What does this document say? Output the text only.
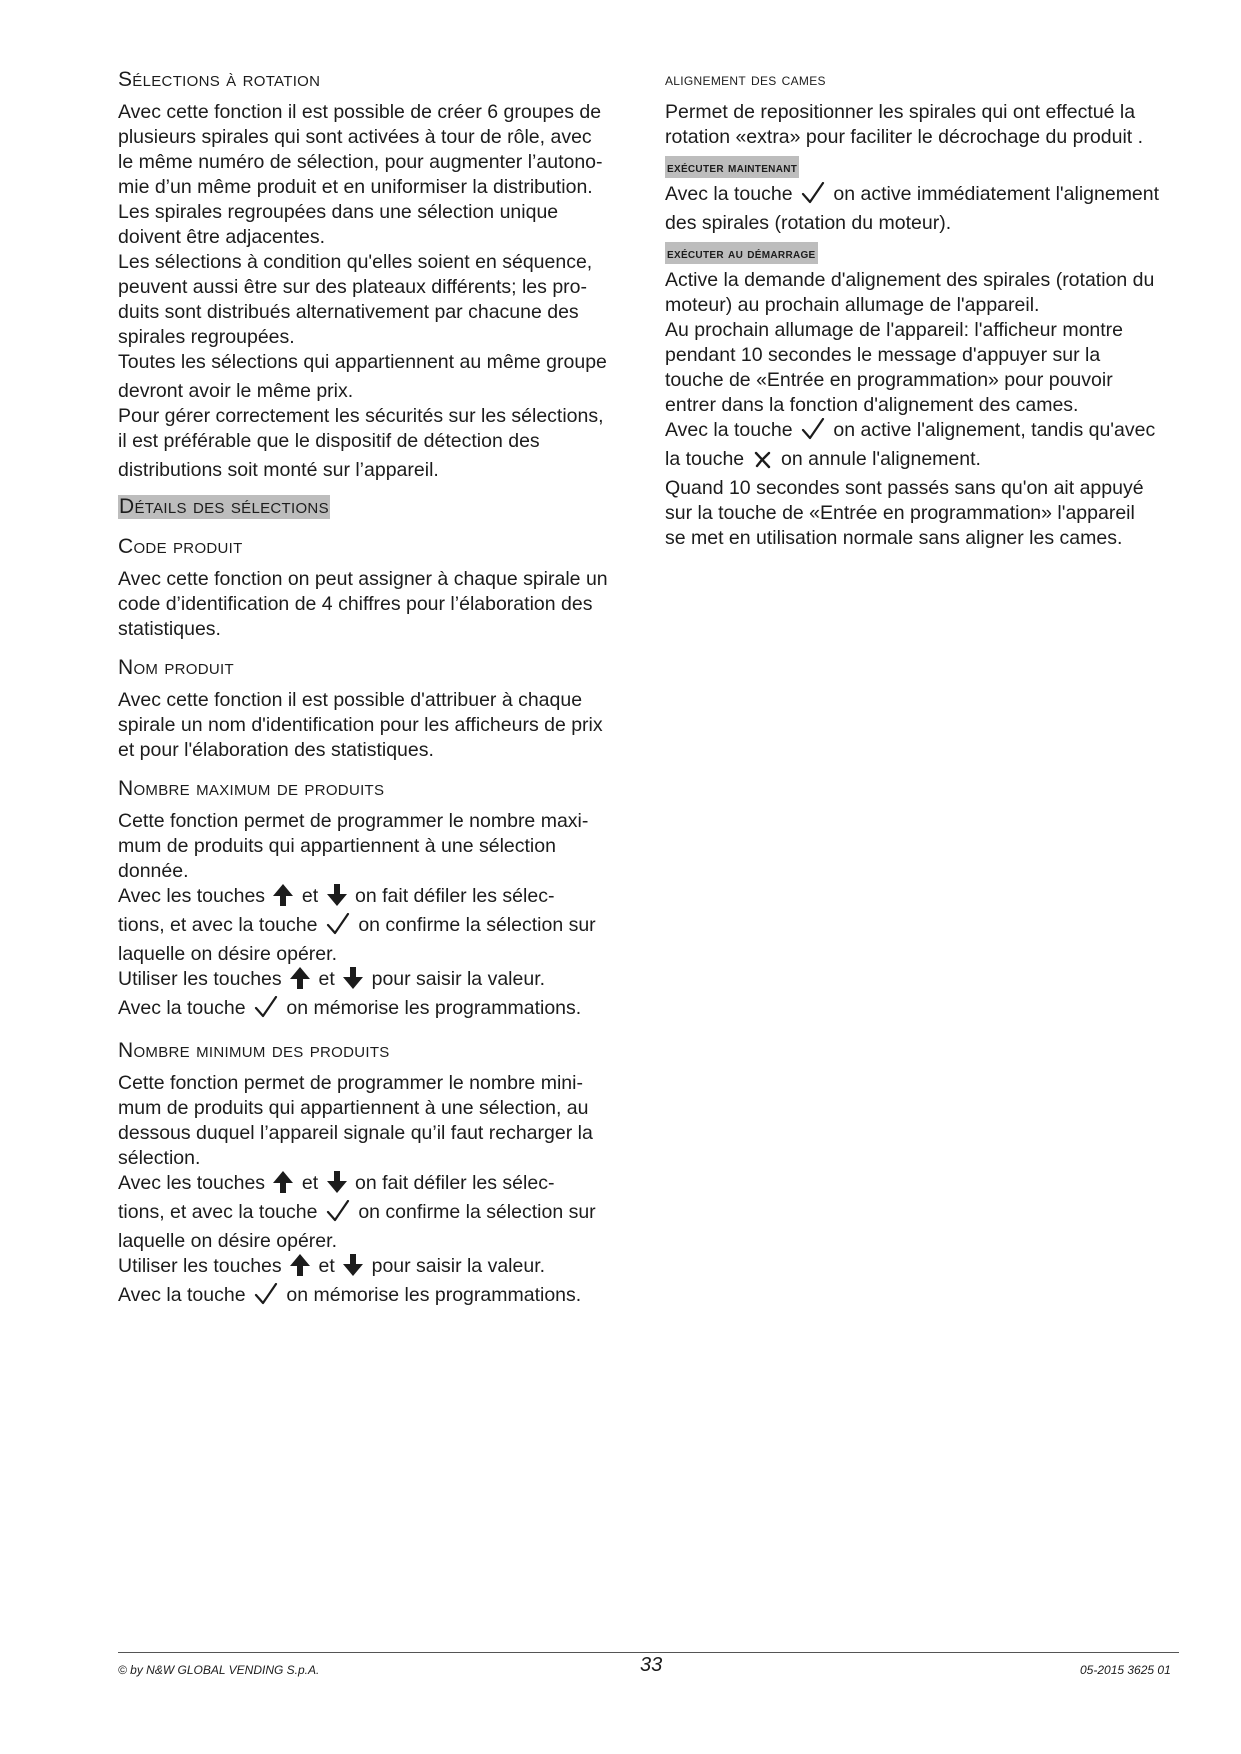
Sélections à rotation

Avec cette fonction il est possible de créer 6 groupes de

plusieurs spirales qui sont activées à tour de rôle, avec

le même numéro de sélection, pour augmenter l’autono-

mie d’un même produit et en uniformiser la distribution.

Les spirales regroupées dans une sélection unique

doivent être adjacentes.

Les sélections à condition qu'elles soient en séquence,

peuvent aussi être sur des plateaux différents; les pro-

duits sont distribués alternativement par chacune des

spirales regroupées.

Toutes les sélections qui appartiennent au même groupe

devront avoir le même prix.

Pour gérer correctement les sécurités sur les sélections,

il est préférable que le dispositif de détection des

distributions soit monté sur l’appareil.

Détails des sélections
Code produit

Avec cette fonction on peut assigner à chaque spirale un

code d’identification de 4 chiffres pour l’élaboration des

statistiques.

Nom produit

Avec cette fonction il est possible d'attribuer à chaque

spirale un nom d'identification pour les afficheurs de prix

et pour l'élaboration des statistiques.

Nombre maximum de produits

Cette fonction permet de programmer le nombre maxi-

mum de produits qui appartiennent à une sélection

donnée.

Avec les touches et on fait défiler les sélec-

tions, et avec la touche on confirme la sélection sur

laquelle on désire opérer.

Utiliser les touches et pour saisir la valeur.

Avec la touche on mémorise les programmations.

Nombre minimum des produits

Cette fonction permet de programmer le nombre mini-

mum de produits qui appartiennent à une sélection, au

dessous duquel l’appareil signale qu’il faut recharger la

sélection.

Avec les touches et on fait défiler les sélec-

tions, et avec la touche on confirme la sélection sur

laquelle on désire opérer.

Utiliser les touches et pour saisir la valeur.

Avec la touche on mémorise les programmations.

alignement des cames

Permet de repositionner les spirales qui ont effectué la

rotation «extra» pour faciliter le décrochage du produit .

exécuter maintenant

Avec la touche on active immédiatement l'alignement

des spirales (rotation du moteur).

exécuter au démarrage

Active la demande d'alignement des spirales (rotation du

moteur) au prochain allumage de l'appareil.

Au prochain allumage de l'appareil: l'afficheur montre

pendant 10 secondes le message d'appuyer sur la

touche de «Entrée en programmation» pour pouvoir

entrer dans la fonction d'alignement des cames.

Avec la touche on active l'alignement, tandis qu'avec

la touche on annule l'alignement.

Quand 10 secondes sont passés sans qu'on ait appuyé

sur la touche de «Entrée en programmation» l'appareil

se met en utilisation normale sans aligner les cames.

© by N&W GLOBAL VENDING S.p.A.	33	05-2015 3625 01
